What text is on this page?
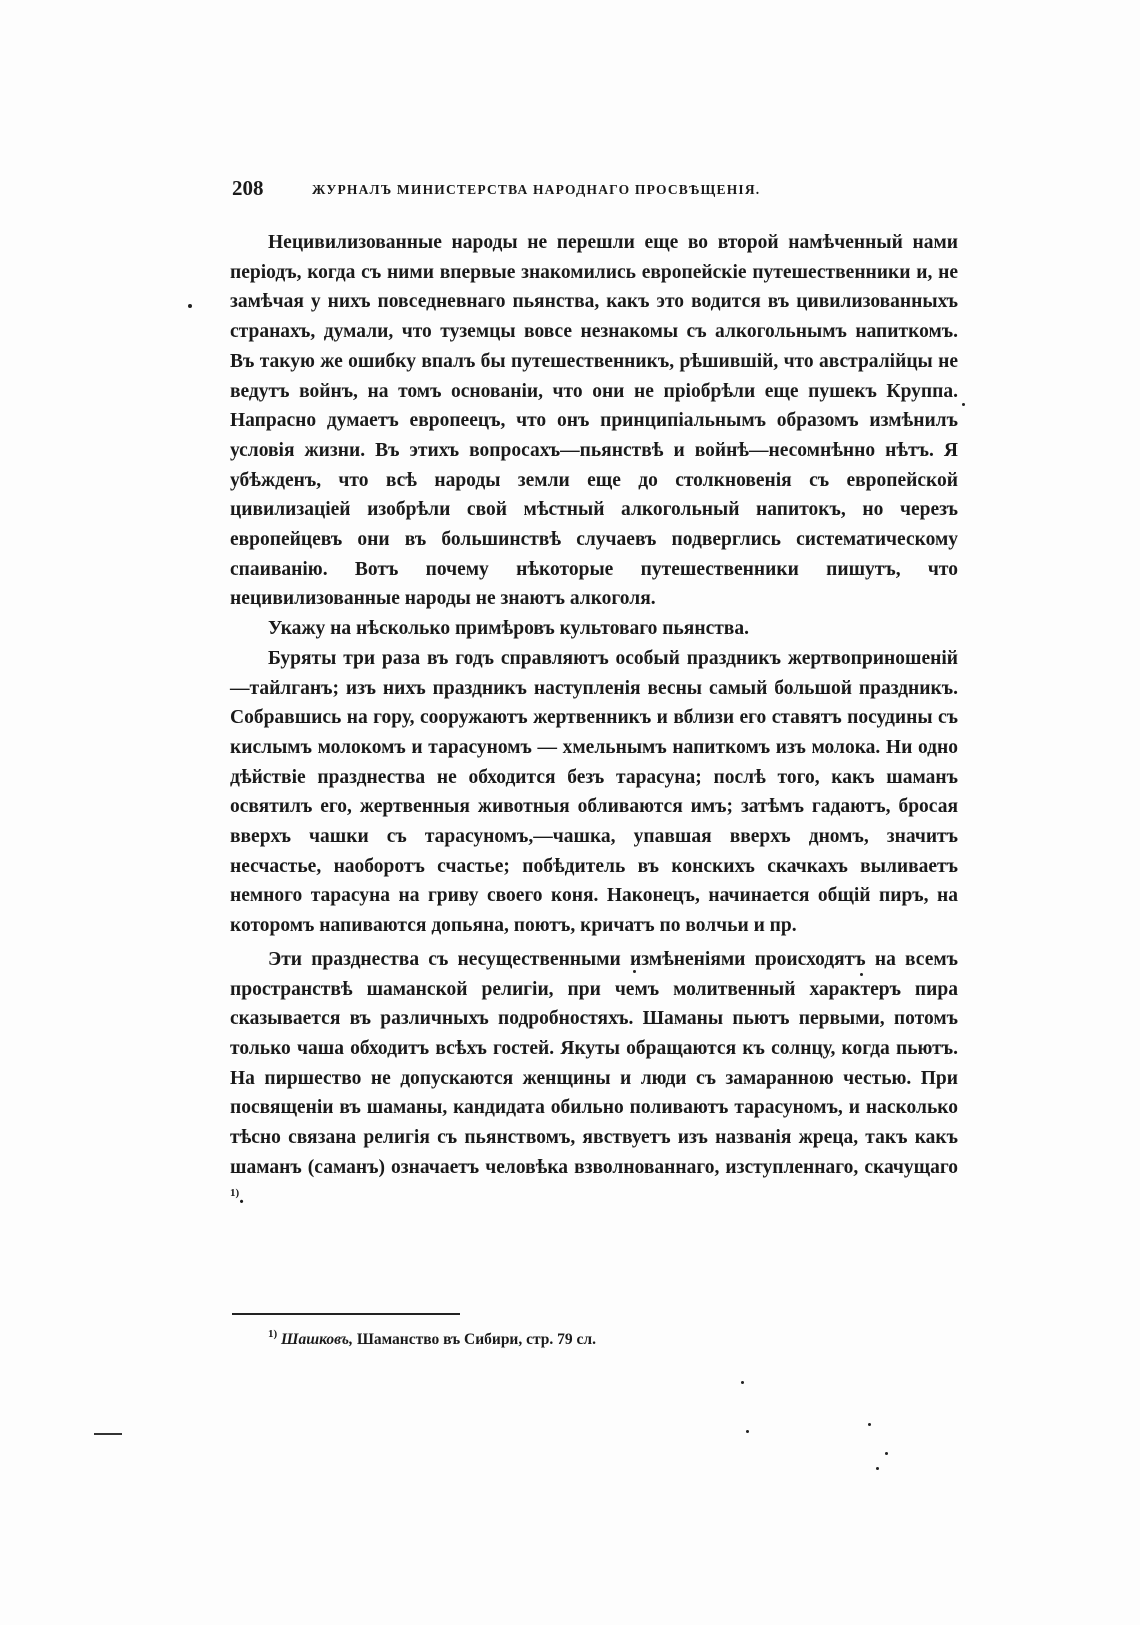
208	ЖУРНАЛЪ МИНИСТЕРСТВА НАРОДНАГО ПРОСВѢЩЕНІЯ.

Нецивилизованные народы не перешли еще во второй намѣченный нами періодъ, когда съ ними впервые знакомились европейскіе путешественники и, не замѣчая у нихъ повседневнаго пьянства, какъ это водится въ цивилизованныхъ странахъ, думали, что туземцы вовсе незнакомы съ алкогольнымъ напиткомъ. Въ такую же ошибку впалъ бы путешественникъ, рѣшившій, что австралійцы не ведутъ войнъ, на томъ основаніи, что они не пріобрѣли еще пушекъ Круппа. Напрасно думаетъ европеецъ, что онъ принципіальнымъ образомъ измѣнилъ условія жизни. Въ этихъ вопросахъ—пьянствѣ и войнѣ—несомнѣнно нѣтъ. Я убѣжденъ, что всѣ народы земли еще до столкновенія съ европейской цивилизаціей изобрѣли свой мѣстный алкогольный напитокъ, но черезъ европейцевъ они въ большинствѣ случаевъ подверглись систематическому спаиванію. Вотъ почему нѣкоторые путешественники пишутъ, что нецивилизованные народы не знаютъ алкоголя.

Укажу на нѣсколько примѣровъ культоваго пьянства.

Буряты три раза въ годъ справляютъ особый праздникъ жертвоприношеній—тайлганъ; изъ нихъ праздникъ наступленія весны самый большой праздникъ. Собравшись на гору, сооружаютъ жертвенникъ и вблизи его ставятъ посудины съ кислымъ молокомъ и тарасуномъ — хмельнымъ напиткомъ изъ молока. Ни одно дѣйствіе празднества не обходится безъ тарасуна; послѣ того, какъ шаманъ освятилъ его, жертвенныя животныя обливаются имъ; затѣмъ гадаютъ, бросая вверхъ чашки съ тарасуномъ,—чашка, упавшая вверхъ дномъ, значитъ несчастье, наоборотъ счастье; побѣдитель въ конскихъ скачкахъ выливаетъ немного тарасуна на гриву своего коня. Наконецъ, начинается общій пиръ, на которомъ напиваются допьяна, поютъ, кричатъ по волчьи и пр.

Эти празднества съ несущественными измѣненіями происходятъ на всемъ пространствѣ шаманской религіи, при чемъ молитвенный характеръ пира сказывается въ различныхъ подробностяхъ. Шаманы пьютъ первыми, потомъ только чаша обходитъ всѣхъ гостей. Якуты обращаются къ солнцу, когда пьютъ. На пиршество не допускаются женщины и люди съ замаранною честью. При посвященіи въ шаманы, кандидата обильно поливаютъ тарасуномъ, и насколько тѣсно связана религія съ пьянствомъ, явствуетъ изъ названія жреца, такъ какъ шаманъ (саманъ) означаетъ человѣка взволнованнаго, изступленнаго, скачущаго $^{1)}$.

$^{1)}$ Шашковъ, Шаманство въ Сибири, стр. 79 сл.
